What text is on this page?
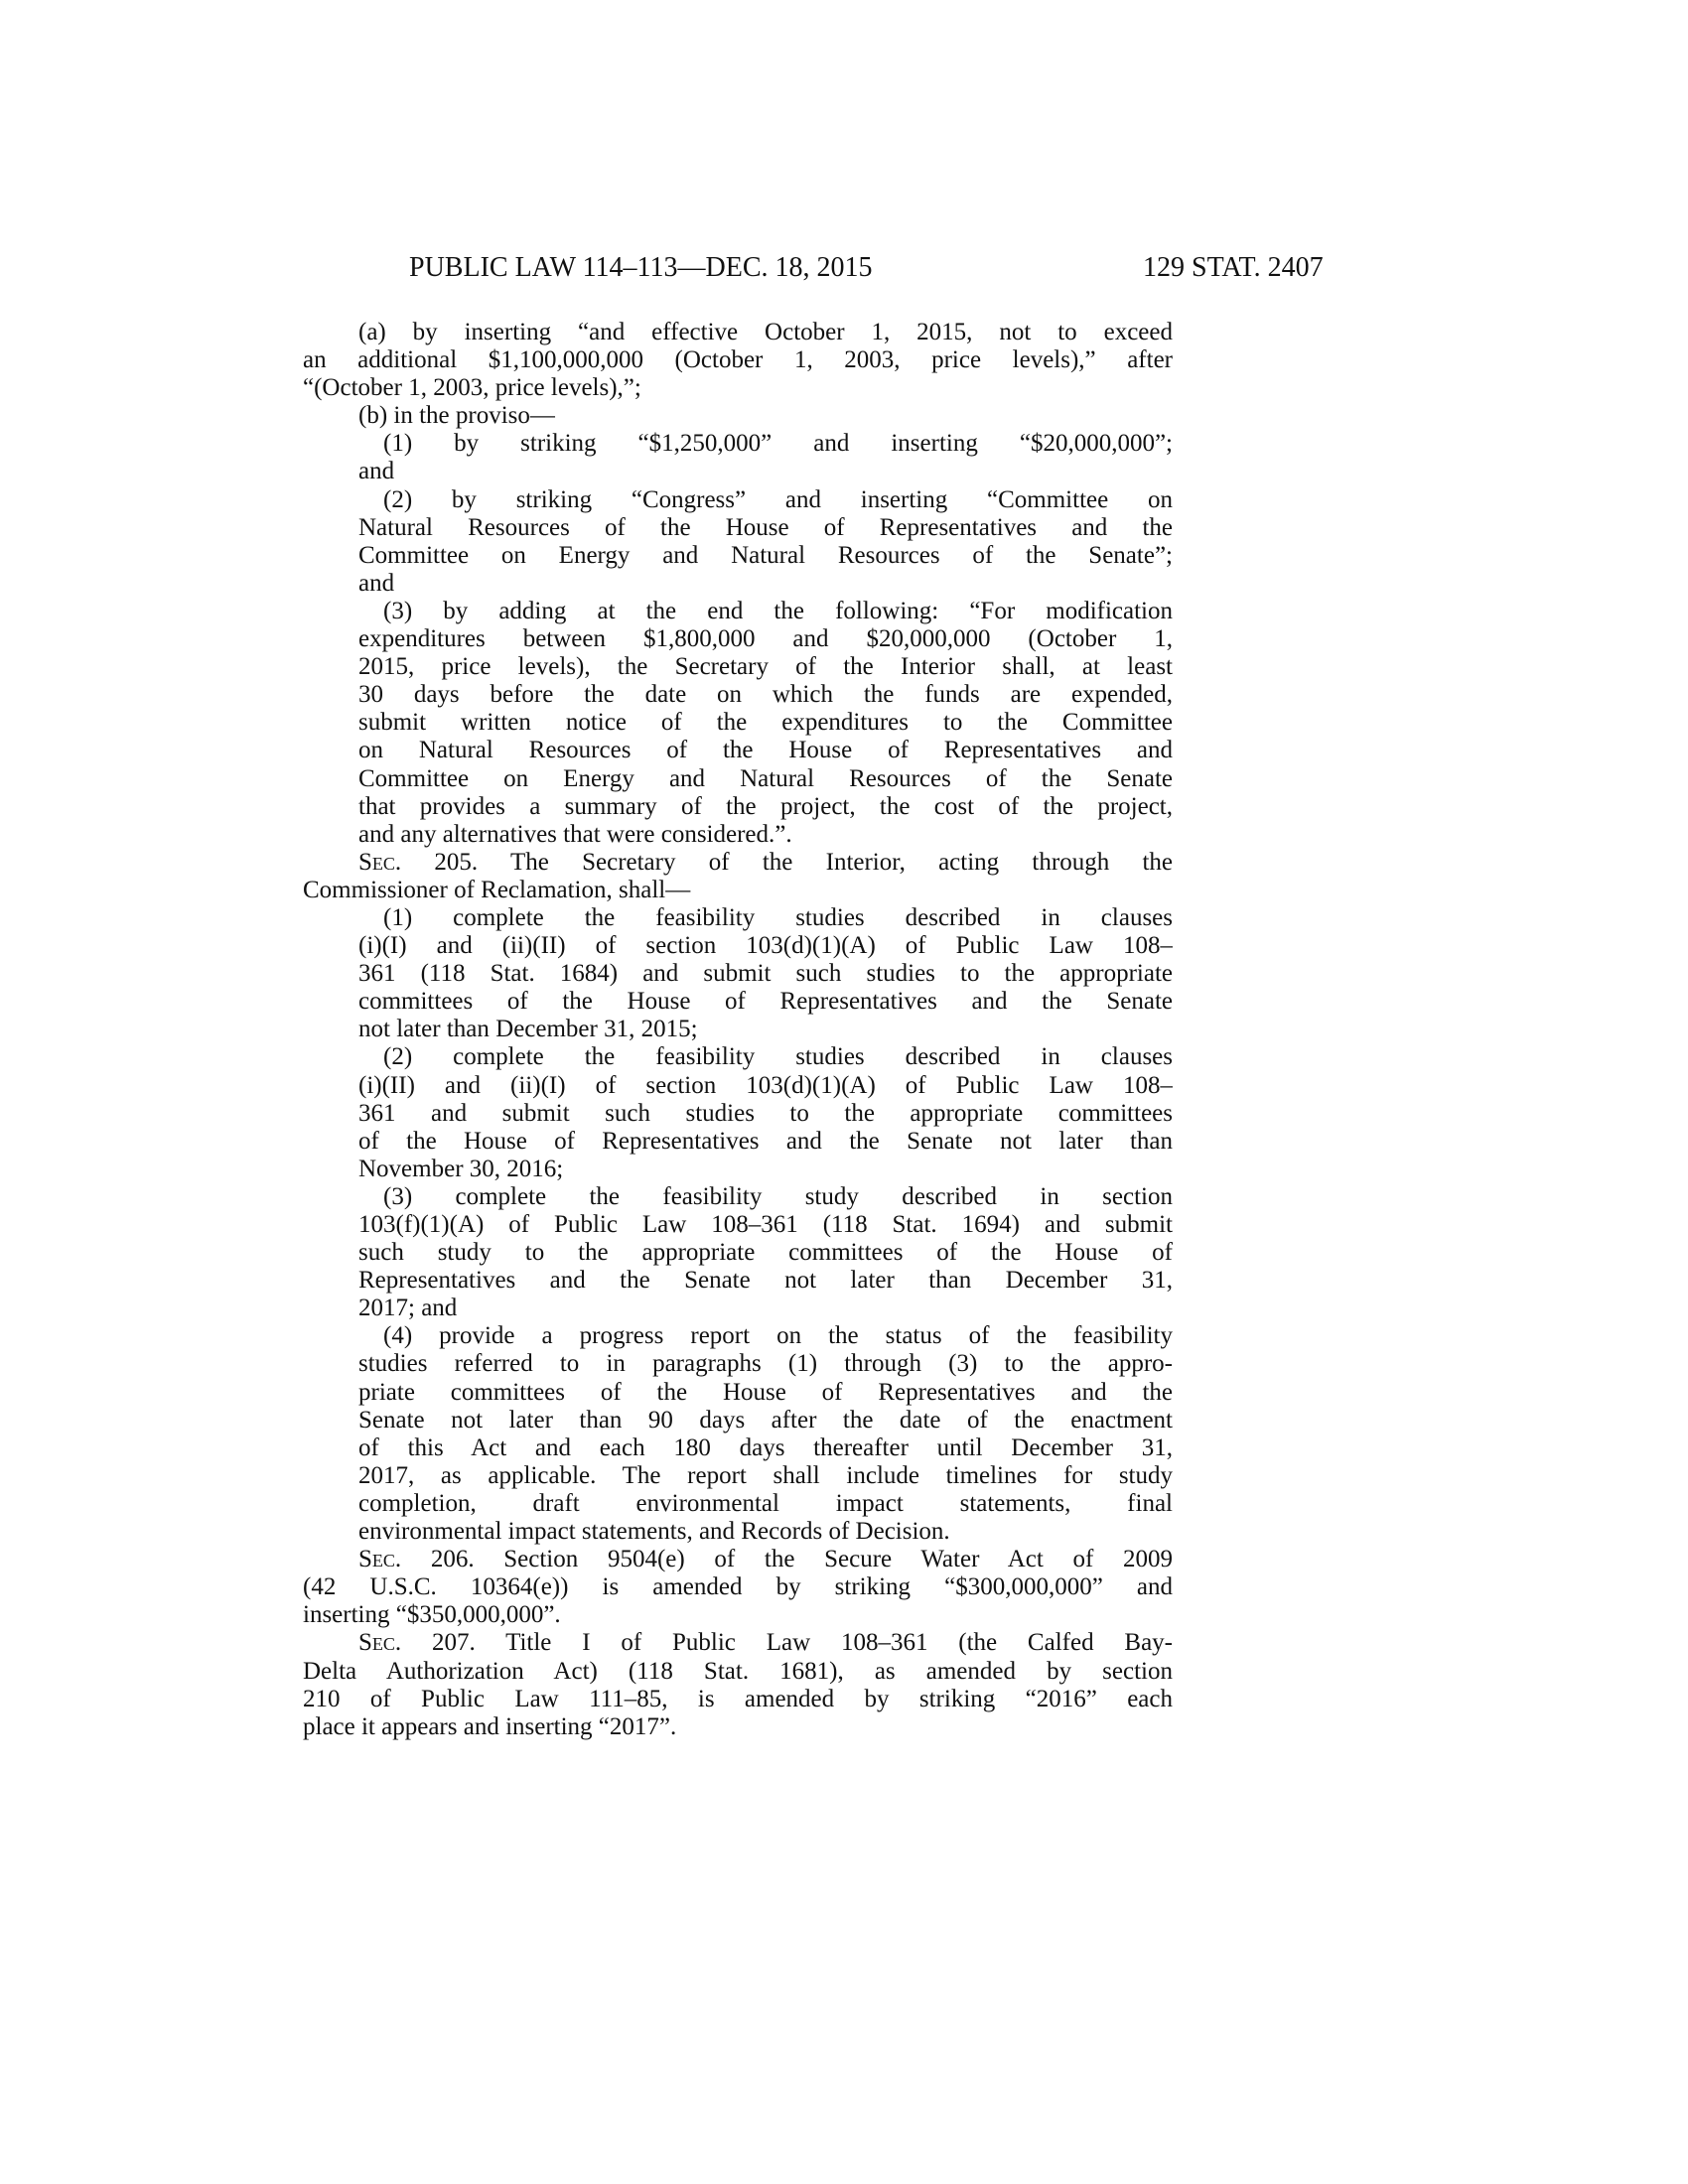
PUBLIC LAW 114–113—DEC. 18, 2015	129 STAT. 2407
(a) by inserting “and effective October 1, 2015, not to exceed
an additional $1,100,000,000 (October 1, 2003, price levels),” after
“(October 1, 2003, price levels),”;
(b) in the proviso—
(1) by striking “$1,250,000” and inserting “$20,000,000”;
and
(2) by striking “Congress” and inserting “Committee on
Natural Resources of the House of Representatives and the
Committee on Energy and Natural Resources of the Senate”;
and
(3) by adding at the end the following: “For modification
expenditures between $1,800,000 and $20,000,000 (October 1,
2015, price levels), the Secretary of the Interior shall, at least
30 days before the date on which the funds are expended,
submit written notice of the expenditures to the Committee
on Natural Resources of the House of Representatives and
Committee on Energy and Natural Resources of the Senate
that provides a summary of the project, the cost of the project,
and any alternatives that were considered.”.
Sec. 205. The Secretary of the Interior, acting through the
Commissioner of Reclamation, shall—
(1) complete the feasibility studies described in clauses
(i)(I) and (ii)(II) of section 103(d)(1)(A) of Public Law 108–
361 (118 Stat. 1684) and submit such studies to the appropriate
committees of the House of Representatives and the Senate
not later than December 31, 2015;
(2) complete the feasibility studies described in clauses
(i)(II) and (ii)(I) of section 103(d)(1)(A) of Public Law 108–
361 and submit such studies to the appropriate committees
of the House of Representatives and the Senate not later than
November 30, 2016;
(3) complete the feasibility study described in section
103(f)(1)(A) of Public Law 108–361 (118 Stat. 1694) and submit
such study to the appropriate committees of the House of
Representatives and the Senate not later than December 31,
2017; and
(4) provide a progress report on the status of the feasibility
studies referred to in paragraphs (1) through (3) to the appro-
priate committees of the House of Representatives and the
Senate not later than 90 days after the date of the enactment
of this Act and each 180 days thereafter until December 31,
2017, as applicable. The report shall include timelines for study
completion, draft environmental impact statements, final
environmental impact statements, and Records of Decision.
Sec. 206. Section 9504(e) of the Secure Water Act of 2009
(42 U.S.C. 10364(e)) is amended by striking “$300,000,000” and
inserting “$350,000,000”.
Sec. 207. Title I of Public Law 108–361 (the Calfed Bay-
Delta Authorization Act) (118 Stat. 1681), as amended by section
210 of Public Law 111–85, is amended by striking “2016” each
place it appears and inserting “2017”.
